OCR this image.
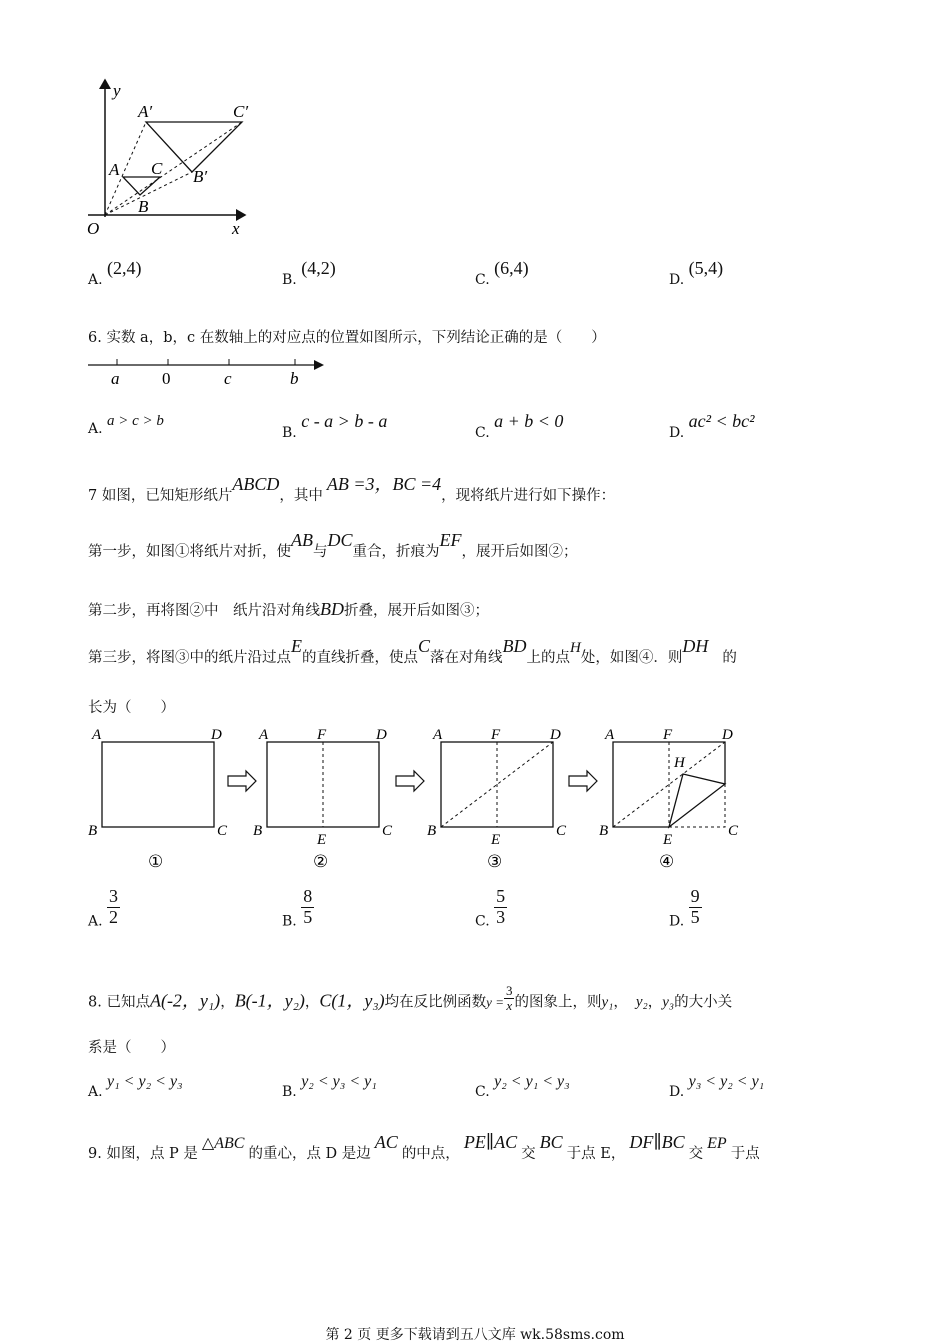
y
x
O
A′	C′
A C
B
B′
A. (2,4)
B. (4,2)
C. (6,4)
D. (5,4)
6. 实数 a，b，c 在数轴上的对应点的位置如图所示，下列结论正确的是（　　）
a	0	c	b
A. a > c > b
B. c - a > b - a
C. a + b < 0
D. ac² < bc²
7 如图，已知矩形纸片ABCD，其中AB =3，BC =4，现将纸片进行如下操作：
第一步，如图①将纸片对折，使AB与DC重合，折痕为EF，展开后如图②；
第二步，再将图②中　纸片沿对角线BD折叠，展开后如图③；
第三步，将图③中的纸片沿过点E的直线折叠，使点C落在对角线BD上的点H处，如图④．则DH的
长为（　　）
A	D
B	C
①
A	F	D
B
E
C
②
A	F	D
B
E
C
③
A	F	D
H
B
E
C
④
A. $\frac{3}{2}$	B. $\frac{8}{5}$	C. $\frac{5}{3}$	D. $\frac{9}{5}$
8. 已知点A(-2，y₁)，B(-1，y₂)，C(1，y₃)均在反比例函数$y = \frac{3}{x}$ 的图象上，则y₁， y₂，y₃的大小关
系是（　　）
A. y₁ < y₂ < y₃
B. y₂ < y₃ < y₁
C. y₂ < y₁ < y₃
D. y₃ < y₂ < y₁
9. 如图，点 P 是△ABC的重心，点 D 是边AC的中点，PE∥AC交BC于点 E，DF∥BC交EP于点
第 2 页 更多下载请到五八文库 wk.58sms.com
